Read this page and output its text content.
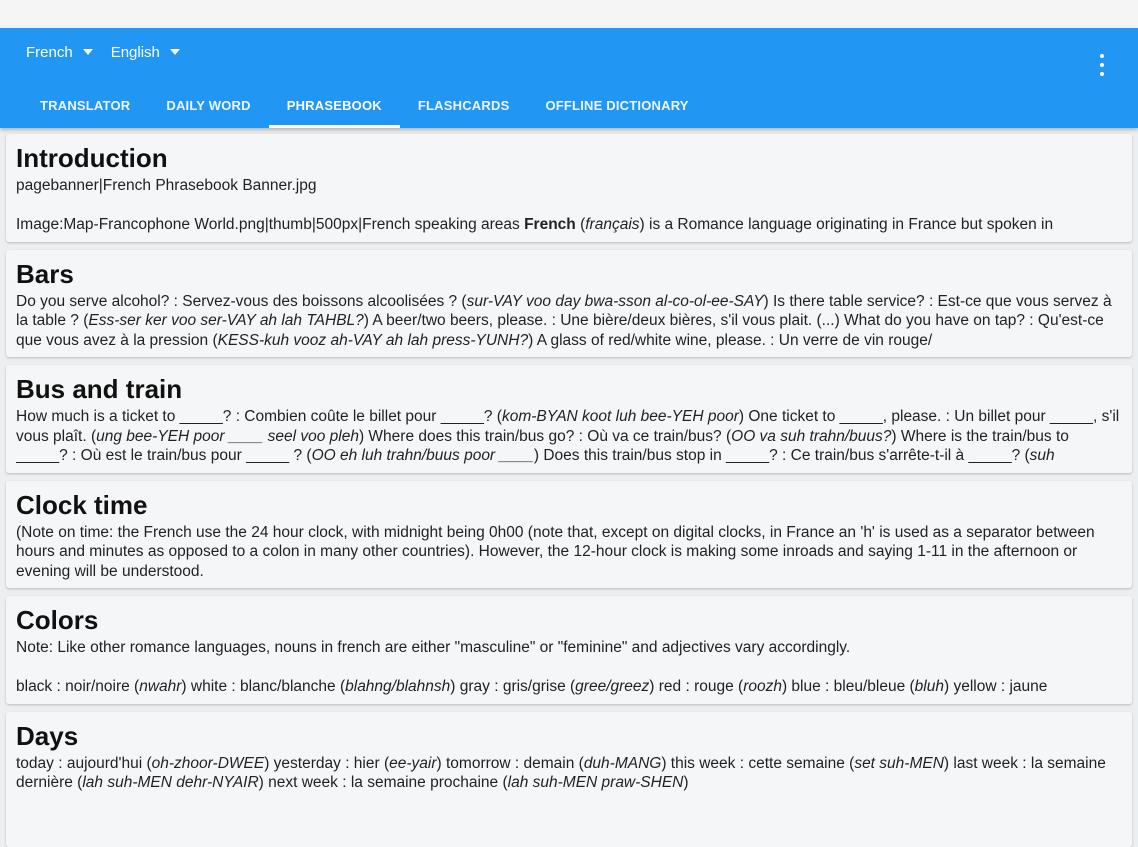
French	English
TRANSLATOR	DAILY WORD	PHRASEBOOK	FLASHCARDS	OFFLINE DICTIONARY
Introduction

pagebanner|French Phrasebook Banner.jpg

Image:Map-Francophone World.png|thumb|500px|French speaking areas French (français) is a Romance language originating in France but spoken in

Bars

Do you serve alcohol? : Servez-vous des boissons alcoolisées ? (sur-VAY voo day bwa-sson al-co-ol-ee-SAY) Is there table service? : Est-ce que vous servez à la table ? (Ess-ser ker voo ser-VAY ah lah TAHBL?) A beer/two beers, please. : Une bière/deux bières, s'il vous plait. (...) What do you have on tap? : Qu'est-ce que vous avez à la pression (KESS-kuh vooz ah-VAY ah lah press-YUNH?) A glass of red/white wine, please. : Un verre de vin rouge/

Bus and train

How much is a ticket to _____? : Combien coûte le billet pour _____? (kom-BYAN koot luh bee-YEH poor) One ticket to _____, please. : Un billet pour _____, s'il vous plaît. (ung bee-YEH poor ____ seel voo pleh) Where does this train/bus go? : Où va ce train/bus? (OO va suh trahn/buus?) Where is the train/bus to _____? : Où est le train/bus pour _____ ? (OO eh luh trahn/buus poor ____) Does this train/bus stop in _____? : Ce train/bus s'arrête-t-il à _____? (suh

Clock time

(Note on time: the French use the 24 hour clock, with midnight being 0h00 (note that, except on digital clocks, in France an 'h' is used as a separator between hours and minutes as opposed to a colon in many other countries). However, the 12-hour clock is making some inroads and saying 1-11 in the afternoon or evening will be understood.

Colors

Note: Like other romance languages, nouns in french are either "masculine" or "feminine" and adjectives vary accordingly.

black : noir/noire (nwahr) white : blanc/blanche (blahng/blahnsh) gray : gris/grise (gree/greez) red : rouge (roozh) blue : bleu/bleue (bluh) yellow : jaune

Days

today : aujourd'hui (oh-zhoor-DWEE) yesterday : hier (ee-yair) tomorrow : demain (duh-MANG) this week : cette semaine (set suh-MEN) last week : la semaine dernière (lah suh-MEN dehr-NYAIR) next week : la semaine prochaine (lah suh-MEN praw-SHEN)
